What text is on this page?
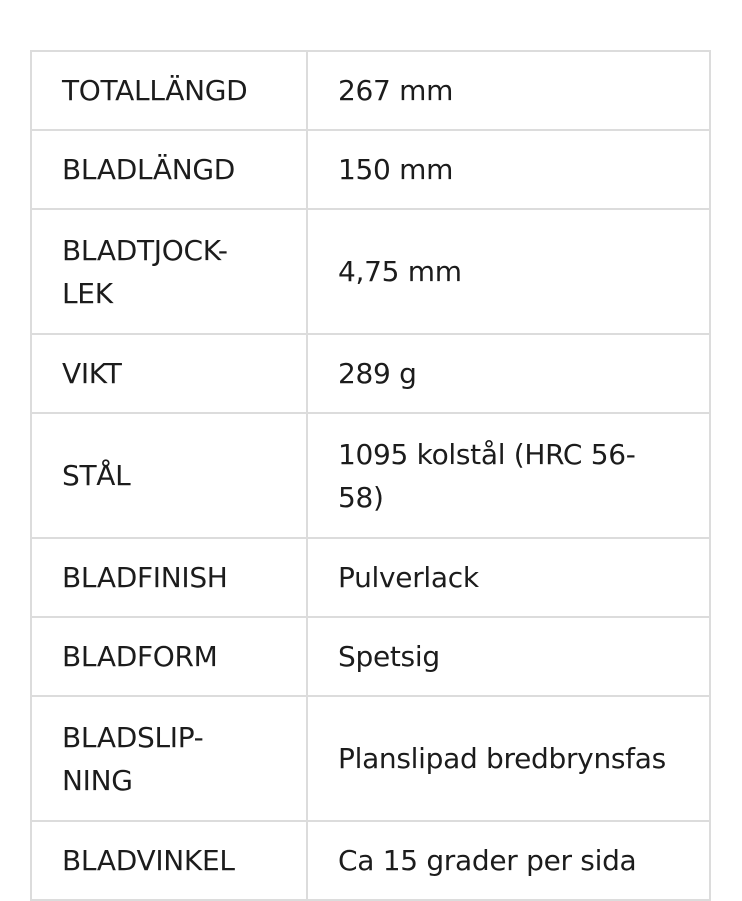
TOTALLÄNGD	267 mm
BLADLÄNGD	150 mm
BLADTJOCK-
LEK	4,75 mm
VIKT	289 g
STÅL	1095 kolstål (HRC 56-
58)
BLADFINISH	Pulverlack
BLADFORM	Spetsig
BLADSLIP-
NING	Planslipad bredbrynsfas
BLADVINKEL	Ca 15 grader per sida
